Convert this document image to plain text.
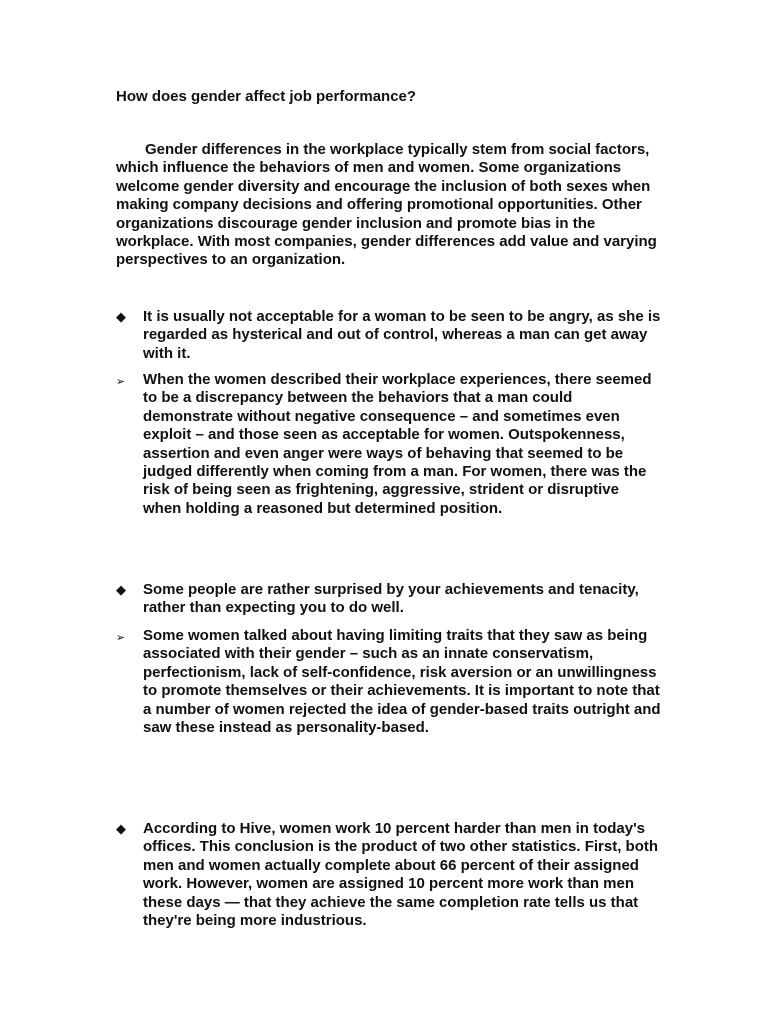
How does gender affect job performance?

Gender differences in the workplace typically stem from social factors, which influence the behaviors of men and women. Some organizations welcome gender diversity and encourage the inclusion of both sexes when making company decisions and offering promotional opportunities. Other organizations discourage gender inclusion and promote bias in the workplace. With most companies, gender differences add value and varying perspectives to an organization.

◆	It is usually not acceptable for a woman to be seen to be angry, as she is regarded as hysterical and out of control, whereas a man can get away with it.

➢	When the women described their workplace experiences, there seemed to be a discrepancy between the behaviors that a man could demonstrate without negative consequence – and sometimes even exploit – and those seen as acceptable for women. Outspokenness, assertion and even anger were ways of behaving that seemed to be judged differently when coming from a man. For women, there was the risk of being seen as frightening, aggressive, strident or disruptive when holding a reasoned but determined position.

◆	Some people are rather surprised by your achievements and tenacity, rather than expecting you to do well.

➢	Some women talked about having limiting traits that they saw as being associated with their gender – such as an innate conservatism, perfectionism, lack of self-confidence, risk aversion or an unwillingness to promote themselves or their achievements. It is important to note that a number of women rejected the idea of gender-based traits outright and saw these instead as personality-based.

◆	According to Hive, women work 10 percent harder than men in today's offices. This conclusion is the product of two other statistics. First, both men and women actually complete about 66 percent of their assigned work. However, women are assigned 10 percent more work than men these days — that they achieve the same completion rate tells us that they're being more industrious.
